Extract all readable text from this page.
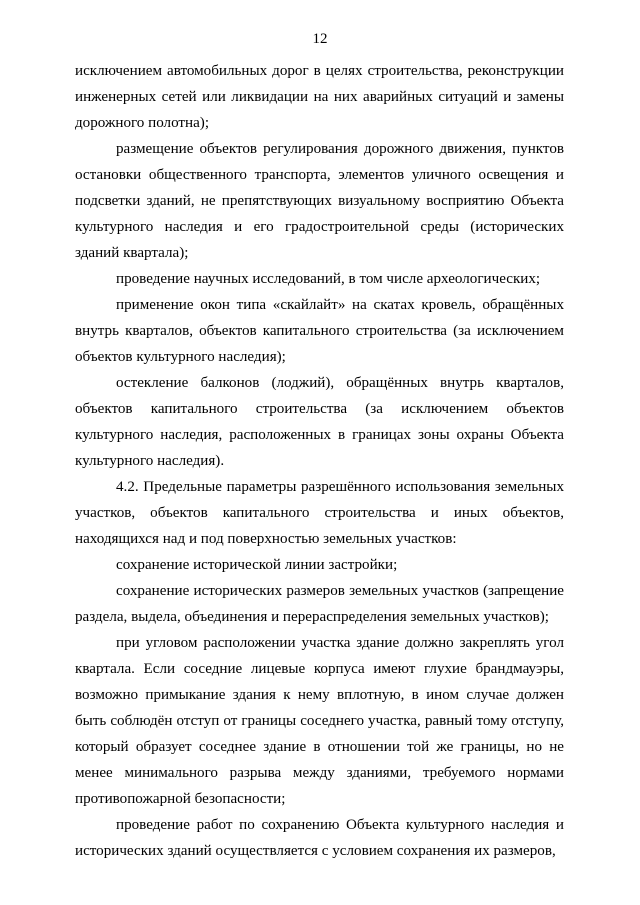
12

исключением автомобильных дорог в целях строительства, реконструкции инженерных сетей или ликвидации на них аварийных ситуаций и замены дорожного полотна);

размещение объектов регулирования дорожного движения, пунктов остановки общественного транспорта, элементов уличного освещения и подсветки зданий, не препятствующих визуальному восприятию Объекта культурного наследия и его градостроительной среды (исторических зданий квартала);

проведение научных исследований, в том числе археологических;

применение окон типа «скайлайт» на скатах кровель, обращённых внутрь кварталов, объектов капитального строительства (за исключением объектов культурного наследия);

остекление балконов (лоджий), обращённых внутрь кварталов, объектов капитального строительства (за исключением объектов культурного наследия, расположенных в границах зоны охраны Объекта культурного наследия).

4.2. Предельные параметры разрешённого использования земельных участков, объектов капитального строительства и иных объектов, находящихся над и под поверхностью земельных участков:

сохранение исторической линии застройки;

сохранение исторических размеров земельных участков (запрещение раздела, выдела, объединения и перераспределения земельных участков);

при угловом расположении участка здание должно закреплять угол квартала. Если соседние лицевые корпуса имеют глухие брандмауэры, возможно примыкание здания к нему вплотную, в ином случае должен быть соблюдён отступ от границы соседнего участка, равный тому отступу, который образует соседнее здание в отношении той же границы, но не менее минимального разрыва между зданиями, требуемого нормами противопожарной безопасности;

проведение работ по сохранению Объекта культурного наследия и исторических зданий осуществляется с условием сохранения их размеров,
